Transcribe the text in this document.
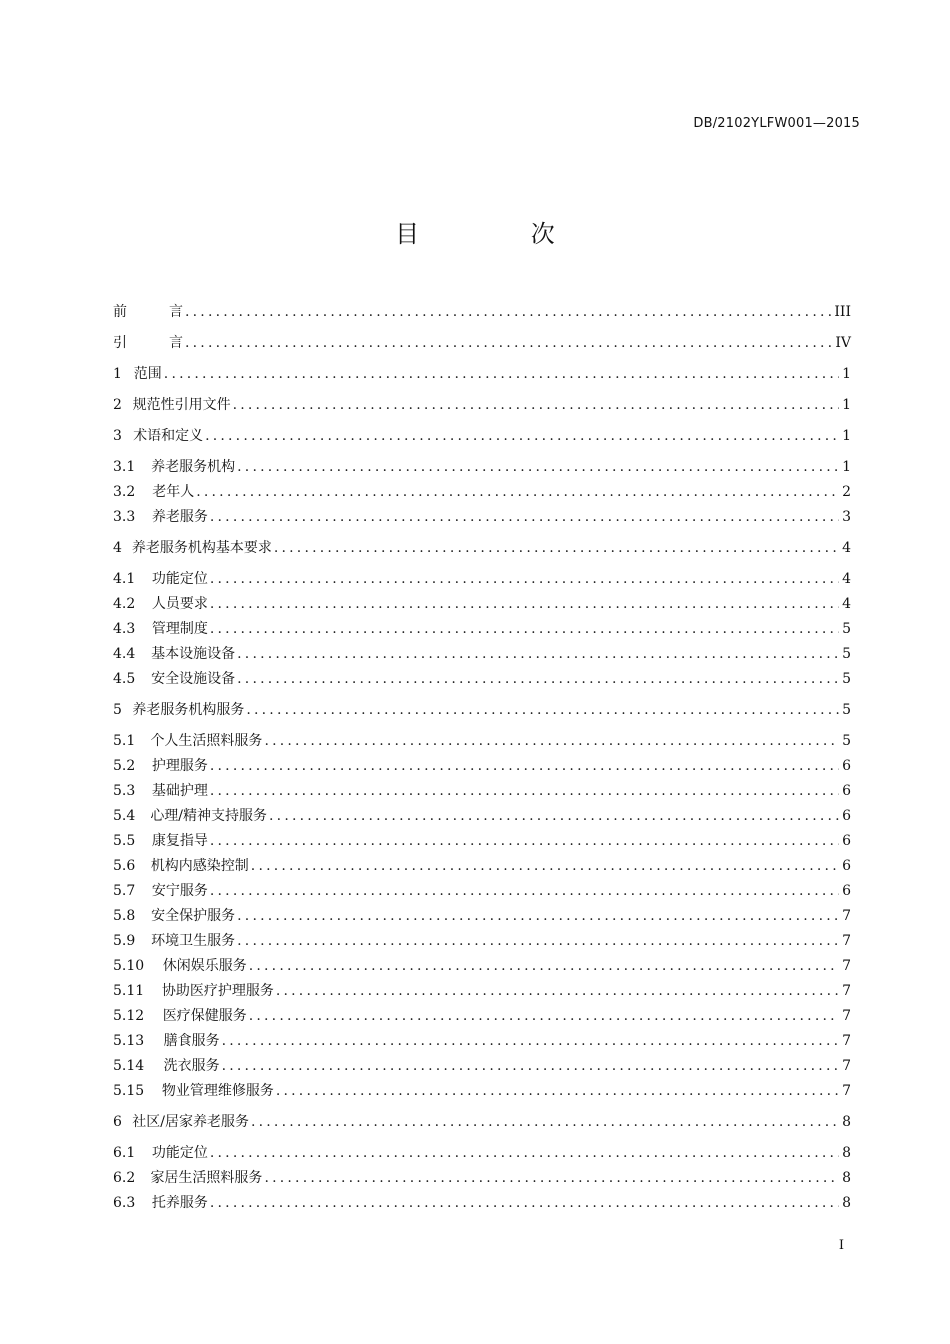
DB/2102YLFW001—2015
目 次
前	言 .....	III
引	言 .....	IV
1 范围 .....	1
2 规范性引用文件 .....	1
3 术语和定义 .....	1
3.1 养老服务机构 .....	1
3.2 老年人 .....	2
3.3 养老服务 .....	3
4 养老服务机构基本要求 .....	4
4.1 功能定位 .....	4
4.2 人员要求 .....	4
4.3 管理制度 .....	5
4.4 基本设施设备 .....	5
4.5 安全设施设备 .....	5
5 养老服务机构服务 .....	5
5.1 个人生活照料服务 .....	5
5.2 护理服务 .....	6
5.3 基础护理 .....	6
5.4 心理/精神支持服务 .....	6
5.5 康复指导 .....	6
5.6 机构内感染控制 .....	6
5.7 安宁服务 .....	6
5.8 安全保护服务 .....	7
5.9 环境卫生服务 .....	7
5.10 休闲娱乐服务 .....	7
5.11 协助医疗护理服务 .....	7
5.12 医疗保健服务 .....	7
5.13 膳食服务 .....	7
5.14 洗衣服务 .....	7
5.15 物业管理维修服务 .....	7
6 社区/居家养老服务 .....	8
6.1 功能定位 .....	8
6.2 家居生活照料服务 .....	8
6.3 托养服务 .....	8
I
